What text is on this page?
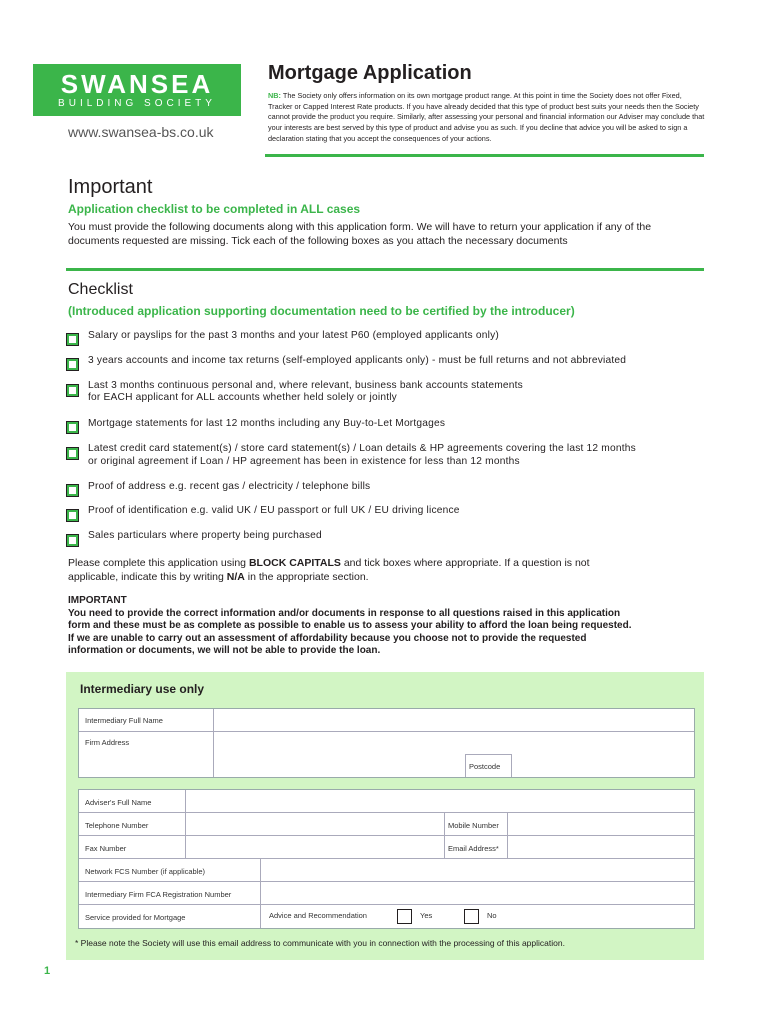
SWANSEA
BUILDING SOCIETY
www.swansea-bs.co.uk
Mortgage Application
NB: The Society only offers information on its own mortgage product range. At this point in time the Society does not offer Fixed, Tracker or Capped Interest Rate products. If you have already decided that this type of product best suits your needs then the Society cannot provide the product you require. Similarly, after assessing your personal and financial information our Adviser may conclude that your interests are best served by this type of product and advise you as such. If you decline that advice you will be asked to sign a declaration stating that you accept the consequences of your actions.
Important
Application checklist to be completed in ALL cases
You must provide the following documents along with this application form. We will have to return your application if any of the documents requested are missing. Tick each of the following boxes as you attach the necessary documents
Checklist
(Introduced application supporting documentation need to be certified by the introducer)
Salary or payslips for the past 3 months and your latest P60 (employed applicants only)
3 years accounts and income tax returns (self-employed applicants only) - must be full returns and not abbreviated
Last 3 months continuous personal and, where relevant, business bank accounts statements
for EACH applicant for ALL accounts whether held solely or jointly
Mortgage statements for last 12 months including any Buy-to-Let Mortgages
Latest credit card statement(s) / store card statement(s) / Loan details & HP agreements covering the last 12 months
or original agreement if Loan / HP agreement has been in existence for less than 12 months
Proof of address e.g. recent gas / electricity / telephone bills
Proof of identification e.g. valid UK / EU passport or full UK / EU driving licence
Sales particulars where property being purchased
Please complete this application using BLOCK CAPITALS and tick boxes where appropriate. If a question is not
applicable, indicate this by writing N/A in the appropriate section.
IMPORTANT
You need to provide the correct information and/or documents in response to all questions raised in this application
form and these must be as complete as possible to enable us to assess your ability to afford the loan being requested.
If we are unable to carry out an assessment of affordability because you choose not to provide the requested
information or documents, we will not be able to provide the loan.
Intermediary use only
Intermediary Full Name
Firm Address
Postcode
Adviser's Full Name
Telephone Number	Mobile Number
Fax Number	Email Address*
Network FCS Number (if applicable)
Intermediary Firm FCA Registration Number
Service provided for Mortgage	Advice and Recommendation	Yes	No
* Please note the Society will use this email address to communicate with you in connection with the processing of this application.
1
